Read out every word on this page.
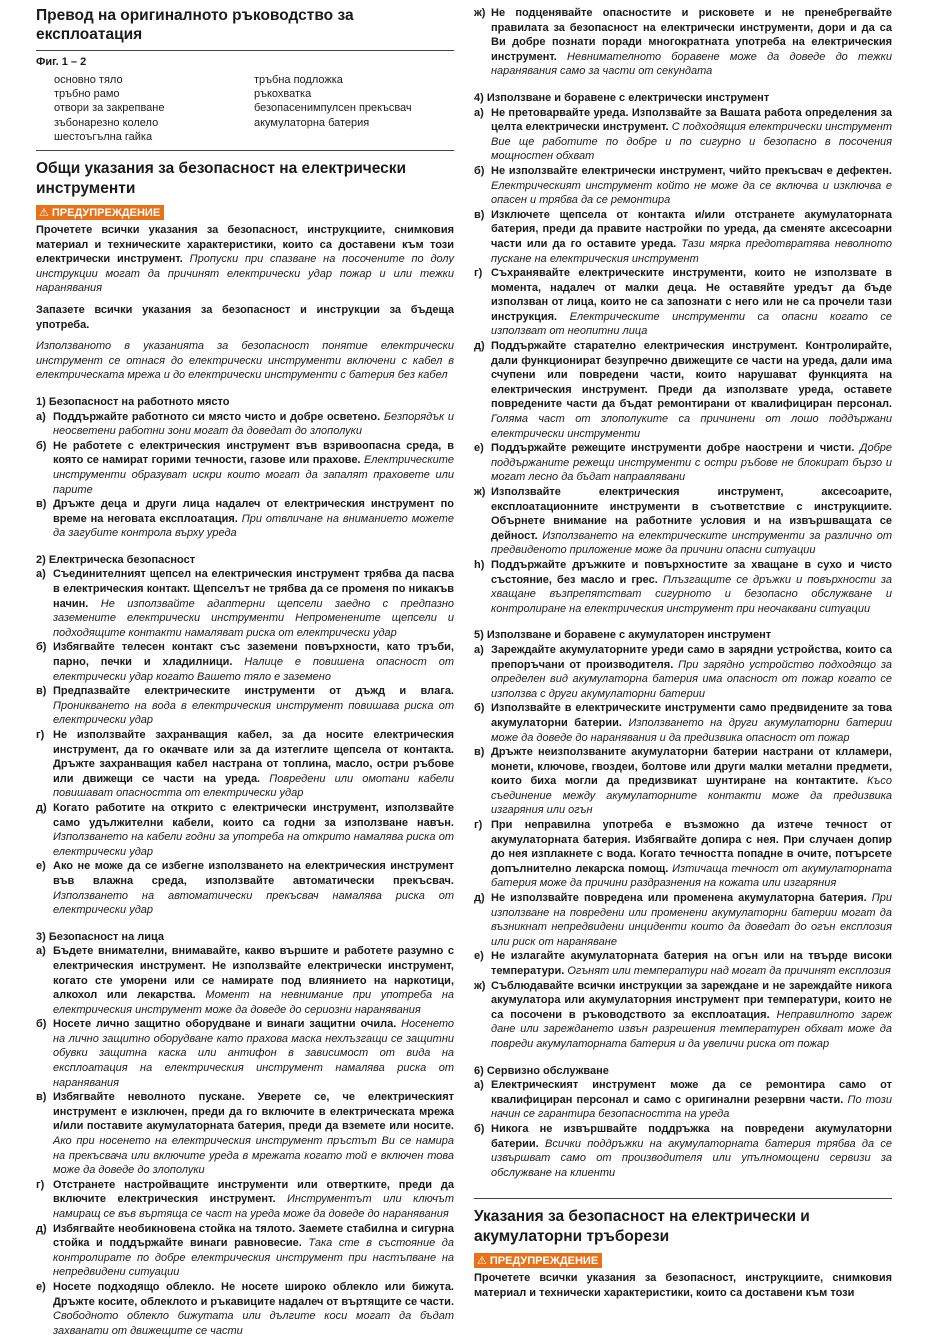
Превод на оригиналното ръководство за експлоатация
Фиг. 1 – 2
основно тяло
тръбно рамо
отвори за закрепване
зъбонарезно колело
шестоъгълна гайка
тръбна подложка
ръкохватка
безопасенимпулсен прекъсвач
акумулаторна батерия
Общи указания за безопасност на електрически инструменти
⚠ ПРЕДУПРЕЖДЕНИЕ

Прочетете всички указания за безопасност, инструкциите, снимковия материал и техническите характеристики, които са доставени към този електрически инструмент. Пропуски при спазване на посочените по долу инструкции могат да причинят електрически удар пожар и или тежки наранявания

Запазете всички указания за безопасност и инструкции за бъдеща употреба.

Използваното в указанията за безопасност понятие електрически инструмент се отнася до електрически инструменти включени с кабел в електрическата мрежа и до електрически инструменти с батерия без кабел

1) Безопасност на работното място
а) Поддържайте работното си място чисто и добре осветено. Безпорядък и неосветени работни зони могат да доведат до злополуки
б) Не работете с електрическия инструмент във взривоопасна среда, в която се намират горими течности, газове или прахове. Електрическите инструменти образуват искри които могат да запалят праховете или парите
в) Дръжте деца и други лица надалеч от електрическия инструмент по време на неговата експлоатация. При отвличане на вниманието можете да загубите контрола върху уреда
2) Електрическа безопасност
а) Съединителният щепсел на електрическия инструмент трябва да пасва в електрическия контакт. Щепселът не трябва да се променя по никакъв начин. Не използвайте адаптерни щепсели заедно с предпазно заземените електрически инструменти Непроменените щепсели и подходящите контакти намаляват риска от електрически удар
б) Избягвайте телесен контакт със заземени повърхности, като тръби, парно, печки и хладилници. Налице е повишена опасност от електрически удар когато Вашето тяло е заземено
в) Предпазвайте електрическите инструменти от дъжд и влага. Проникването на вода в електрическия инструмент повишава риска от електрически удар
г) Не използвайте захранващия кабел, за да носите електрическия инструмент, да го окачвате или за да изтеглите щепсела от контакта. Дръжте захранващия кабел настрана от топлина, масло, остри ръбове или движещи се части на уреда. Повредени или омотани кабели повишават опасността от електрически удар
д) Когато работите на открито с електрически инструмент, използвайте само удължителни кабели, които са годни за използване навън. Използването на кабели годни за употреба на открито намалява риска от електрически удар
е) Ако не може да се избегне използването на електрическия инструмент във влажна среда, използвайте автоматически прекъсвач. Използването на автоматически прекъсвач намалява риска от електрически удар
3) Безопасност на лица
а) Бъдете внимателни, внимавайте, какво вършите и работете разумно с електрическия инструмент. Не използвайте електрически инструмент, когато сте уморени или се намирате под влиянието на наркотици, алкохол или лекарства. Момент на невнимание при употреба на електрическия инструмент може да доведе до сериозни наранявания
б) Носете лично защитно оборудване и винаги защитни очила. Носенето на лично защитно оборудване като прахова маска нехлъзгащи се защитни обувки защитна каска или антифон в зависимост от вида на експлоатация на електрическия инструмент намалява риска от наранявания
в) Избягвайте неволното пускане. Уверете се, че електрическият инструмент е изключен, преди да го включите в електрическата мрежа и/или поставите акумулаторната батерия, преди да вземете или носите. Ако при носенето на електрическия инструмент пръстът Ви се намира на прекъсвача или включите уреда в мрежата когато той е включен това може да доведе до злополуки
г) Отстранете настройващите инструменти или отвертките, преди да включите електрическия инструмент. Инструментът или ключът намиращ се във въртяща се част на уреда може да доведе до наранявания
д) Избягвайте необикновена стойка на тялото. Заемете стабилна и сигурна стойка и поддържайте винаги равновесие. Така сте в състояние да контролирате по добре електрическия инструмент при настъпване на непредвидени ситуации
е) Носете подходящо облекло. Не носете широко облекло или бижута. Дръжте косите, облеклото и ръкавиците надалеч от въртящите се части. Свободното облекло бижутата или дългите коси могат да бъдат захванати от движещите се части
ж) Не подценявайте опасностите и рисковете и не пренебрегвайте правилата за безопасност на електрически инструменти, дори и да са Ви добре познати поради многократната употреба на електрическия инструмент. Невнимателното боравене може да доведе до тежки наранявания само за части от секундата
4) Използване и боравене с електрически инструмент
а) Не претоварвайте уреда. Използвайте за Вашата работа определения за целта електрически инструмент. С подходящия електрически инструмент Вие ще работите по добре и по сигурно и безопасно в посочения мощностен обхват
б) Не използвайте електрически инструмент, чийто прекъсвач е дефектен. Електрическият инструмент който не може да се включва и изключва е опасен и трябва да се ремонтира
в) Изключете щепсела от контакта и/или отстранете акумулаторната батерия, преди да правите настройки по уреда, да сменяте аксесоарни части или да го оставите уреда. Тази мярка предотвратява неволното пускане на електрическия инструмент
г) Съхранявайте електрическите инструменти, които не използвате в момента, надалеч от малки деца. Не оставяйте уредът да бъде използван от лица, които не са запознати с него или не са прочели тази инструкция. Електрическите инструменти са опасни когато се използват от неопитни лица
д) Поддържайте старателно електрическия инструмент. Контролирайте, дали функционират безупречно движещите се части на уреда, дали има счупени или повредени части, които нарушават функцията на електрическия инструмент. Преди да използвате уреда, оставете повредените части да бъдат ремонтирани от квалифициран персонал. Голяма част от злополуките са причинени от лошо поддържани електрически инструменти
е) Поддържайте режещите инструменти добре наострени и чисти. Добре поддържаните режещи инструменти с остри ръбове не блокират бързо и могат лесно да бъдат направлявани
ж) Използвайте електрическия инструмент, аксесоарите, експлоатационните инструменти в съответствие с инструкциите. Обърнете внимание на работните условия и на извършващата се дейност. Използването на електрическите инструменти за различно от предвиденото приложение може да причини опасни ситуации
h) Поддържайте дръжките и повърхностите за хващане в сухо и чисто състояние, без масло и грес. Плъзгащите се дръжки и повърхности за хващане възпрепятстват сигурното и безопасно обслужване и контролиране на електрическия инструмент при неочаквани ситуации
5) Използване и боравене с акумулаторен инструмент
а) Зареждайте акумулаторните уреди само в зарядни устройства, които са препоръчани от производителя. При зарядно устройство подходящо за определен вид акумулаторна батерия има опасност от пожар когато се използва с други акумулаторни батерии
б) Използвайте в електрическите инструменти само предвидените за това акумулаторни батерии. Използването на други акумулаторни батерии може да доведе до наранявания и да предизвика опасност от пожар
в) Дръжте неизползваните акумулаторни батерии настрани от клламери, монети, ключове, гвоздеи, болтове или други малки метални предмети, които биха могли да предизвикат шунтиране на контактите. Късо съединение между акумулаторните контакти може да предизвика изгаряния или огън
г) При неправилна употреба е възможно да изтече течност от акумулаторната батерия. Избягвайте допира с нея. При случаен допир до нея изплакнете с вода. Когато течността попадне в очите, потърсете допълнително лекарска помощ. Изтичаща течност от акумулаторната батерия може да причини раздразнения на кожата или изгаряния
д) Не използвайте повредена или променена акумулаторна батерия. При използване на повредени или променени акумулаторни батерии могат да възникнат непредвидени инциденти които да доведат до огън експлозия или риск от нараняване
е) Не излагайте акумулаторната батерия на огън или на твърде високи температури. Огънят или температури над могат да причинят експлозия
ж) Съблюдавайте всички инструкции за зареждане и не зареждайте никога акумулатора или акумулаторния инструмент при температури, които не са посочени в ръководството за експлоатация. Неправилното зареж дане или зареждането извън разрешения температурен обхват може да повреди акумулаторната батерия и да увеличи риска от пожар
6) Сервизно обслужване
а) Електрическият инструмент може да се ремонтира само от квалифициран персонал и само с оригинални резервни части. По този начин се гарантира безопасността на уреда
б) Никога не извършвайте поддръжка на повредени акумулаторни батерии. Всички поддръжки на акумулаторната батерия трябва да се извършват само от производителя или упълномощени сервизи за обслужване на клиенти
Указания за безопасност на електрически и акумулаторни тръборези
⚠ ПРЕДУПРЕЖДЕНИЕ

Прочетете всички указания за безопасност, инструкциите, снимковия материал и технически характеристики, които са доставени към този
